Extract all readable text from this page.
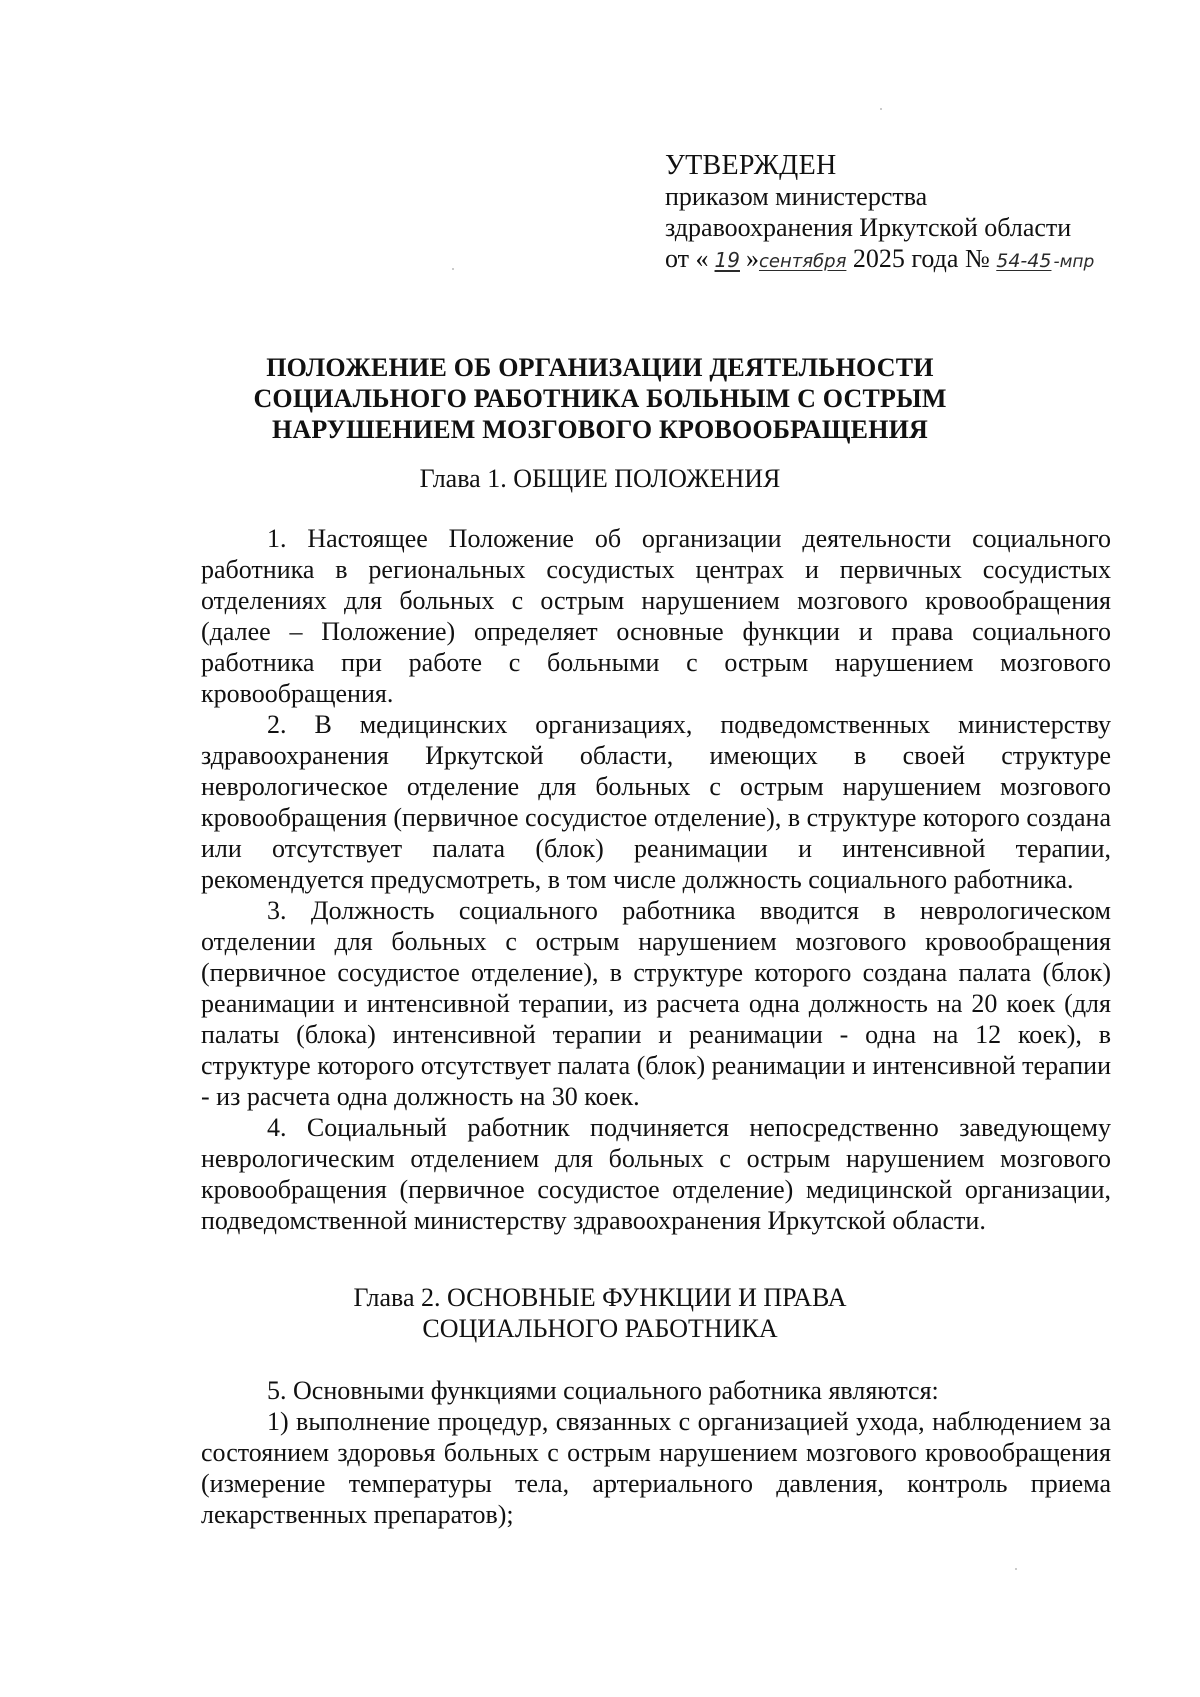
УТВЕРЖДЕН
приказом министерства
здравоохранения Иркутской области
от « 19 »сентября 2025 года № 54-45 -мпр
ПОЛОЖЕНИЕ ОБ ОРГАНИЗАЦИИ ДЕЯТЕЛЬНОСТИ
СОЦИАЛЬНОГО РАБОТНИКА БОЛЬНЫМ С ОСТРЫМ
НАРУШЕНИЕМ МОЗГОВОГО КРОВООБРАЩЕНИЯ
Глава 1. ОБЩИЕ ПОЛОЖЕНИЯ

1. Настоящее Положение об организации деятельности социального работника в региональных сосудистых центрах и первичных сосудистых отделениях для больных с острым нарушением мозгового кровообращения (далее – Положение) определяет основные функции и права социального работника при работе с больными с острым нарушением мозгового кровообращения.

2. В медицинских организациях, подведомственных министерству здравоохранения Иркутской области, имеющих в своей структуре неврологическое отделение для больных с острым нарушением мозгового кровообращения (первичное сосудистое отделение), в структуре которого создана или отсутствует палата (блок) реанимации и интенсивной терапии, рекомендуется предусмотреть, в том числе должность социального работника.

3. Должность социального работника вводится в неврологическом отделении для больных с острым нарушением мозгового кровообращения (первичное сосудистое отделение), в структуре которого создана палата (блок) реанимации и интенсивной терапии, из расчета одна должность на 20 коек (для палаты (блока) интенсивной терапии и реанимации - одна на 12 коек), в структуре которого отсутствует палата (блок) реанимации и интенсивной терапии - из расчета одна должность на 30 коек.

4. Социальный работник подчиняется непосредственно заведующему неврологическим отделением для больных с острым нарушением мозгового кровообращения (первичное сосудистое отделение) медицинской организации, подведомственной министерству здравоохранения Иркутской области.

Глава 2. ОСНОВНЫЕ ФУНКЦИИ И ПРАВА
СОЦИАЛЬНОГО РАБОТНИКА

5. Основными функциями социального работника являются:

1) выполнение процедур, связанных с организацией ухода, наблюдением за состоянием здоровья больных с острым нарушением мозгового кровообращения (измерение температуры тела, артериального давления, контроль приема лекарственных препаратов);
